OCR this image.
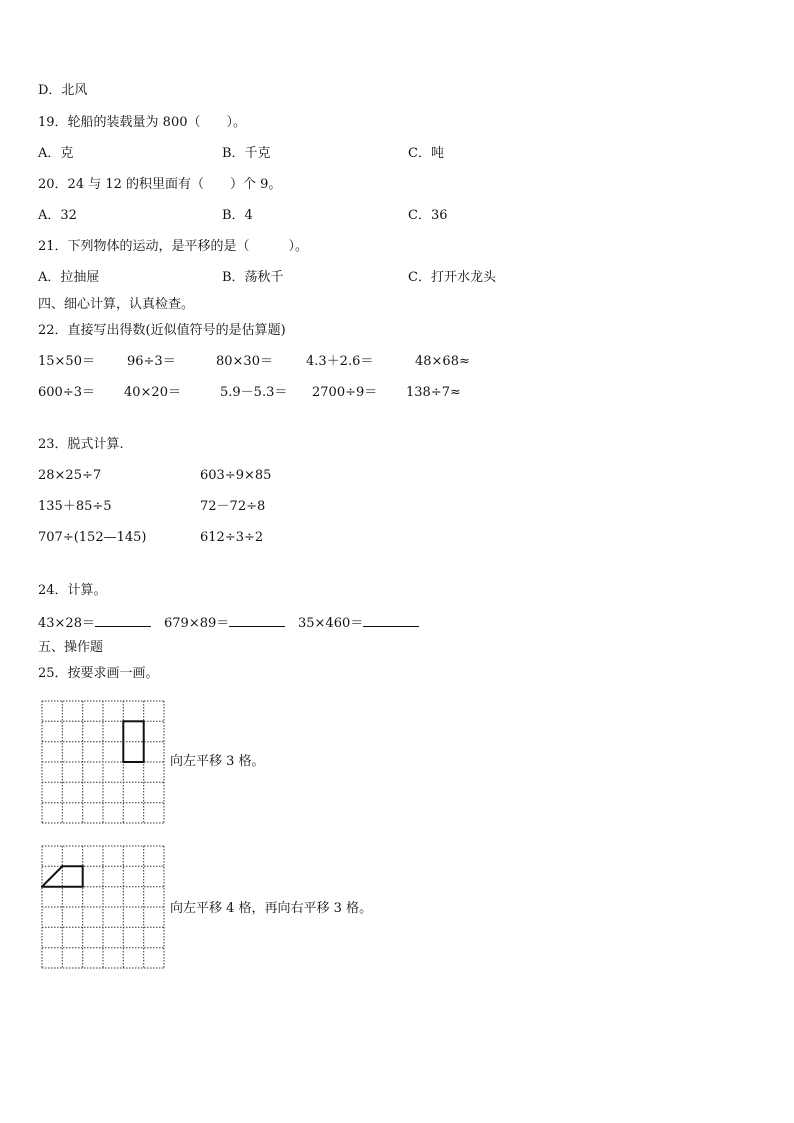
D．北风
19．轮船的装载量为 800（　　）。
A．克	B．千克	C．吨
20．24 与 12 的积里面有（　　）个 9。
A．32	B．4	C．36
21．下列物体的运动，是平移的是（　　　）。
A．拉抽屉	B．荡秋千	C．打开水龙头
四、细心计算，认真检查。
22．直接写出得数(近似值符号的是估算题)
15×50＝ 96÷3＝	80×30＝	4.3＋2.6＝	48×68≈
600÷3＝ 40×20＝	5.9－5.3＝ 2700÷9＝ 138÷7≈
23．脱式计算.
28×25÷7	603÷9×85
135＋85÷5	72－72÷8
707÷(152—145)	612÷3÷2
24．计算。
43×28＝	679×89＝	35×460＝
五、操作题
25．按要求画一画。
向左平移 3 格。
向左平移 4 格，再向右平移 3 格。
